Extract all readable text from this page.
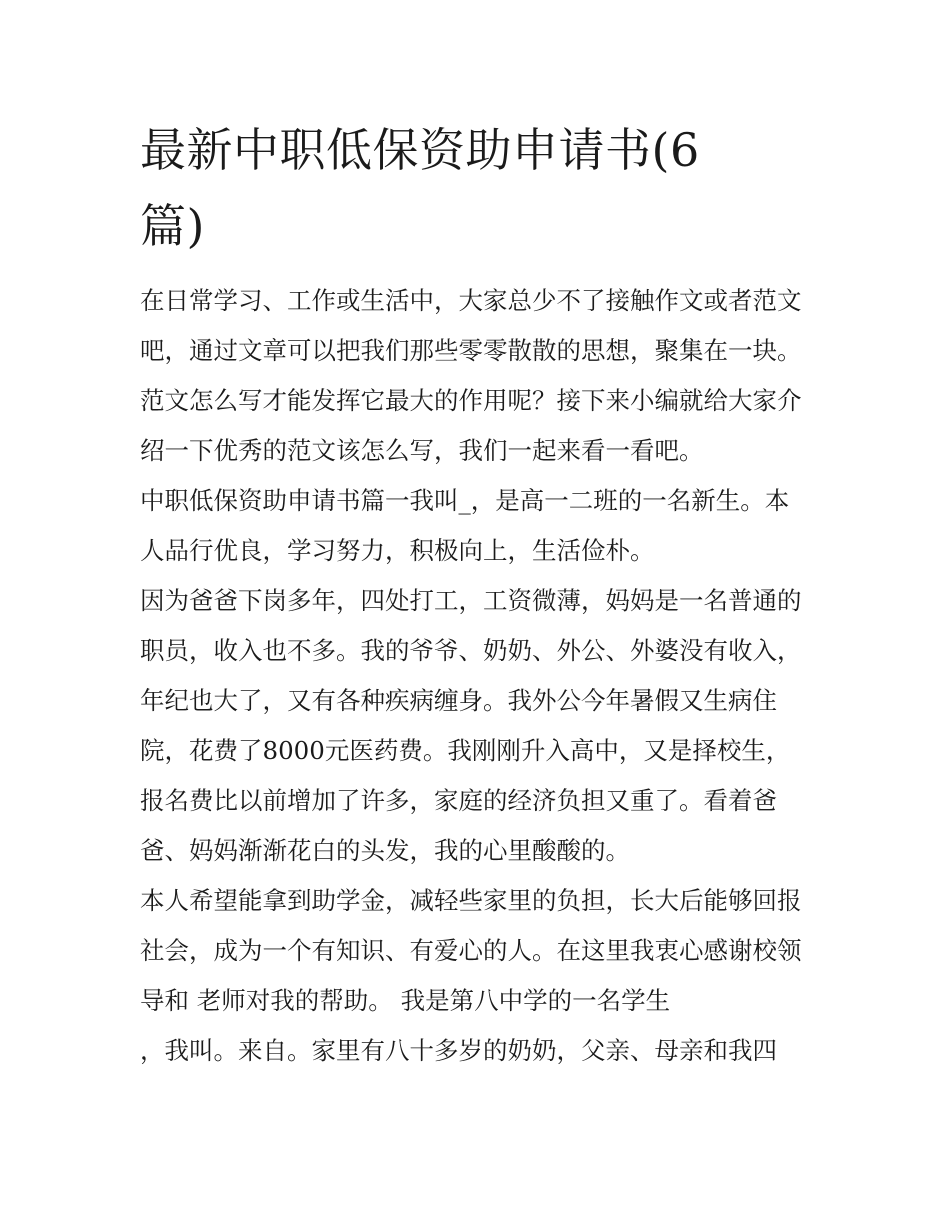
最新中职低保资助申请书(6
篇)
在日常学习、工作或生活中，大家总少不了接触作文或者范文
吧，通过文章可以把我们那些零零散散的思想，聚集在一块。
范文怎么写才能发挥它最大的作用呢？接下来小编就给大家介
绍一下优秀的范文该怎么写，我们一起来看一看吧。
中职低保资助申请书篇一我叫_，是高一二班的一名新生。本
人品行优良，学习努力，积极向上，生活俭朴。
因为爸爸下岗多年，四处打工，工资微薄，妈妈是一名普通的
职员，收入也不多。我的爷爷、奶奶、外公、外婆没有收入，
年纪也大了，又有各种疾病缠身。我外公今年暑假又生病住
院，花费了8000元医药费。我刚刚升入高中，又是择校生，
报名费比以前增加了许多，家庭的经济负担又重了。看着爸
爸、妈妈渐渐花白的头发，我的心里酸酸的。
本人希望能拿到助学金，减轻些家里的负担，长大后能够回报
社会，成为一个有知识、有爱心的人。在这里我衷心感谢校领
导和 老师对我的帮助。 我是第八中学的一名学生
，我叫。来自。家里有八十多岁的奶奶，父亲、母亲和我四
